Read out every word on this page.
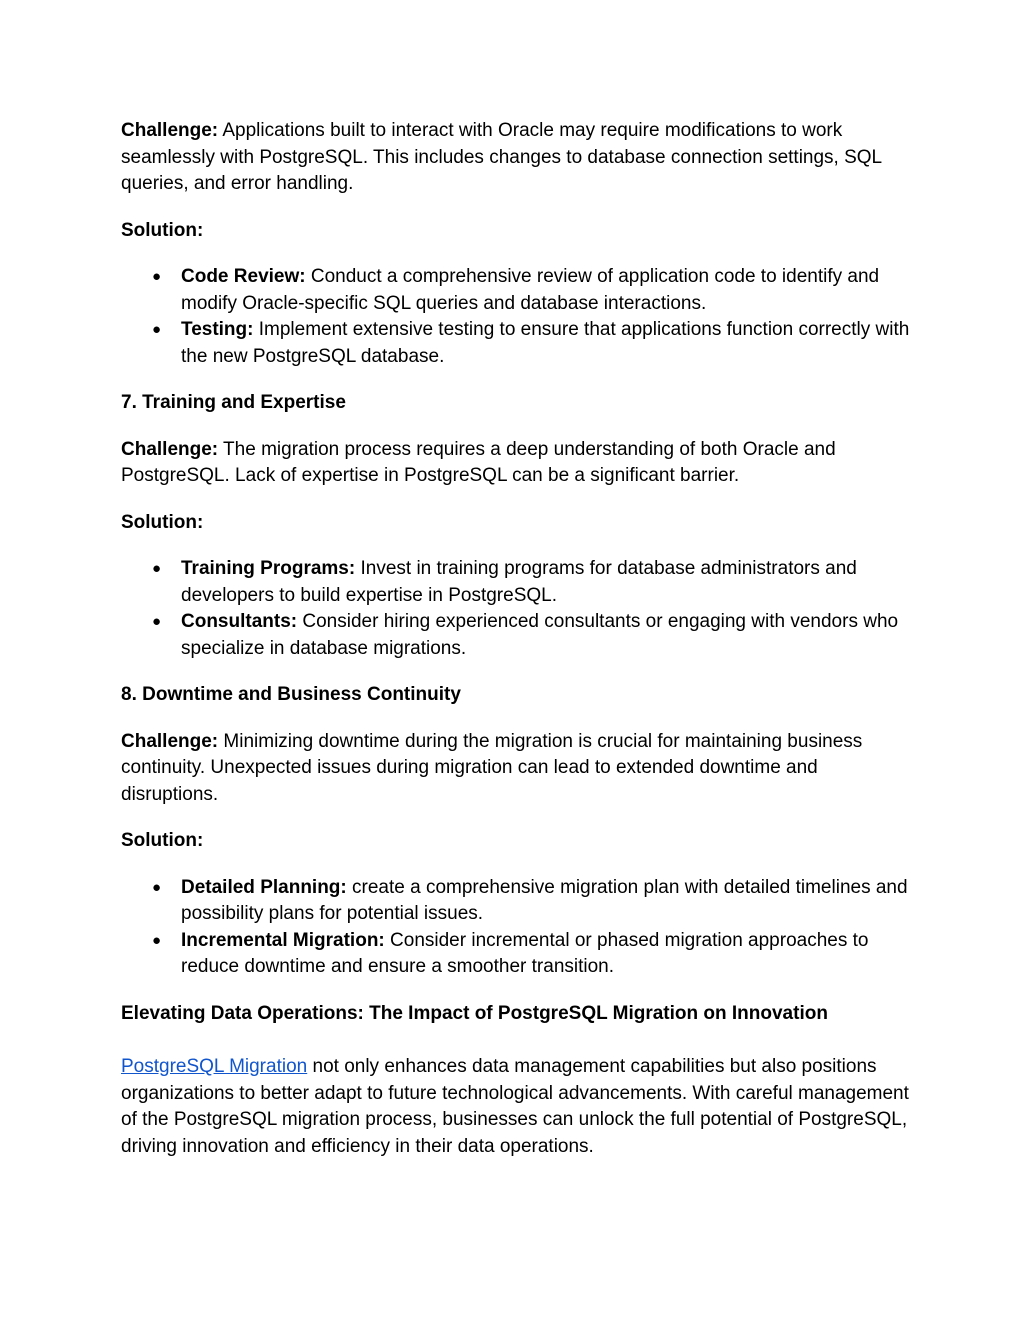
Challenge: Applications built to interact with Oracle may require modifications to work seamlessly with PostgreSQL. This includes changes to database connection settings, SQL queries, and error handling.

Solution:

● Code Review: Conduct a comprehensive review of application code to identify and modify Oracle-specific SQL queries and database interactions.
● Testing: Implement extensive testing to ensure that applications function correctly with the new PostgreSQL database.

7. Training and Expertise

Challenge: The migration process requires a deep understanding of both Oracle and PostgreSQL. Lack of expertise in PostgreSQL can be a significant barrier.

Solution:

● Training Programs: Invest in training programs for database administrators and developers to build expertise in PostgreSQL.
● Consultants: Consider hiring experienced consultants or engaging with vendors who specialize in database migrations.

8. Downtime and Business Continuity

Challenge: Minimizing downtime during the migration is crucial for maintaining business continuity. Unexpected issues during migration can lead to extended downtime and disruptions.

Solution:

● Detailed Planning: create a comprehensive migration plan with detailed timelines and possibility plans for potential issues.
● Incremental Migration: Consider incremental or phased migration approaches to reduce downtime and ensure a smoother transition.

Elevating Data Operations: The Impact of PostgreSQL Migration on Innovation

PostgreSQL Migration not only enhances data management capabilities but also positions organizations to better adapt to future technological advancements. With careful management of the PostgreSQL migration process, businesses can unlock the full potential of PostgreSQL, driving innovation and efficiency in their data operations.
